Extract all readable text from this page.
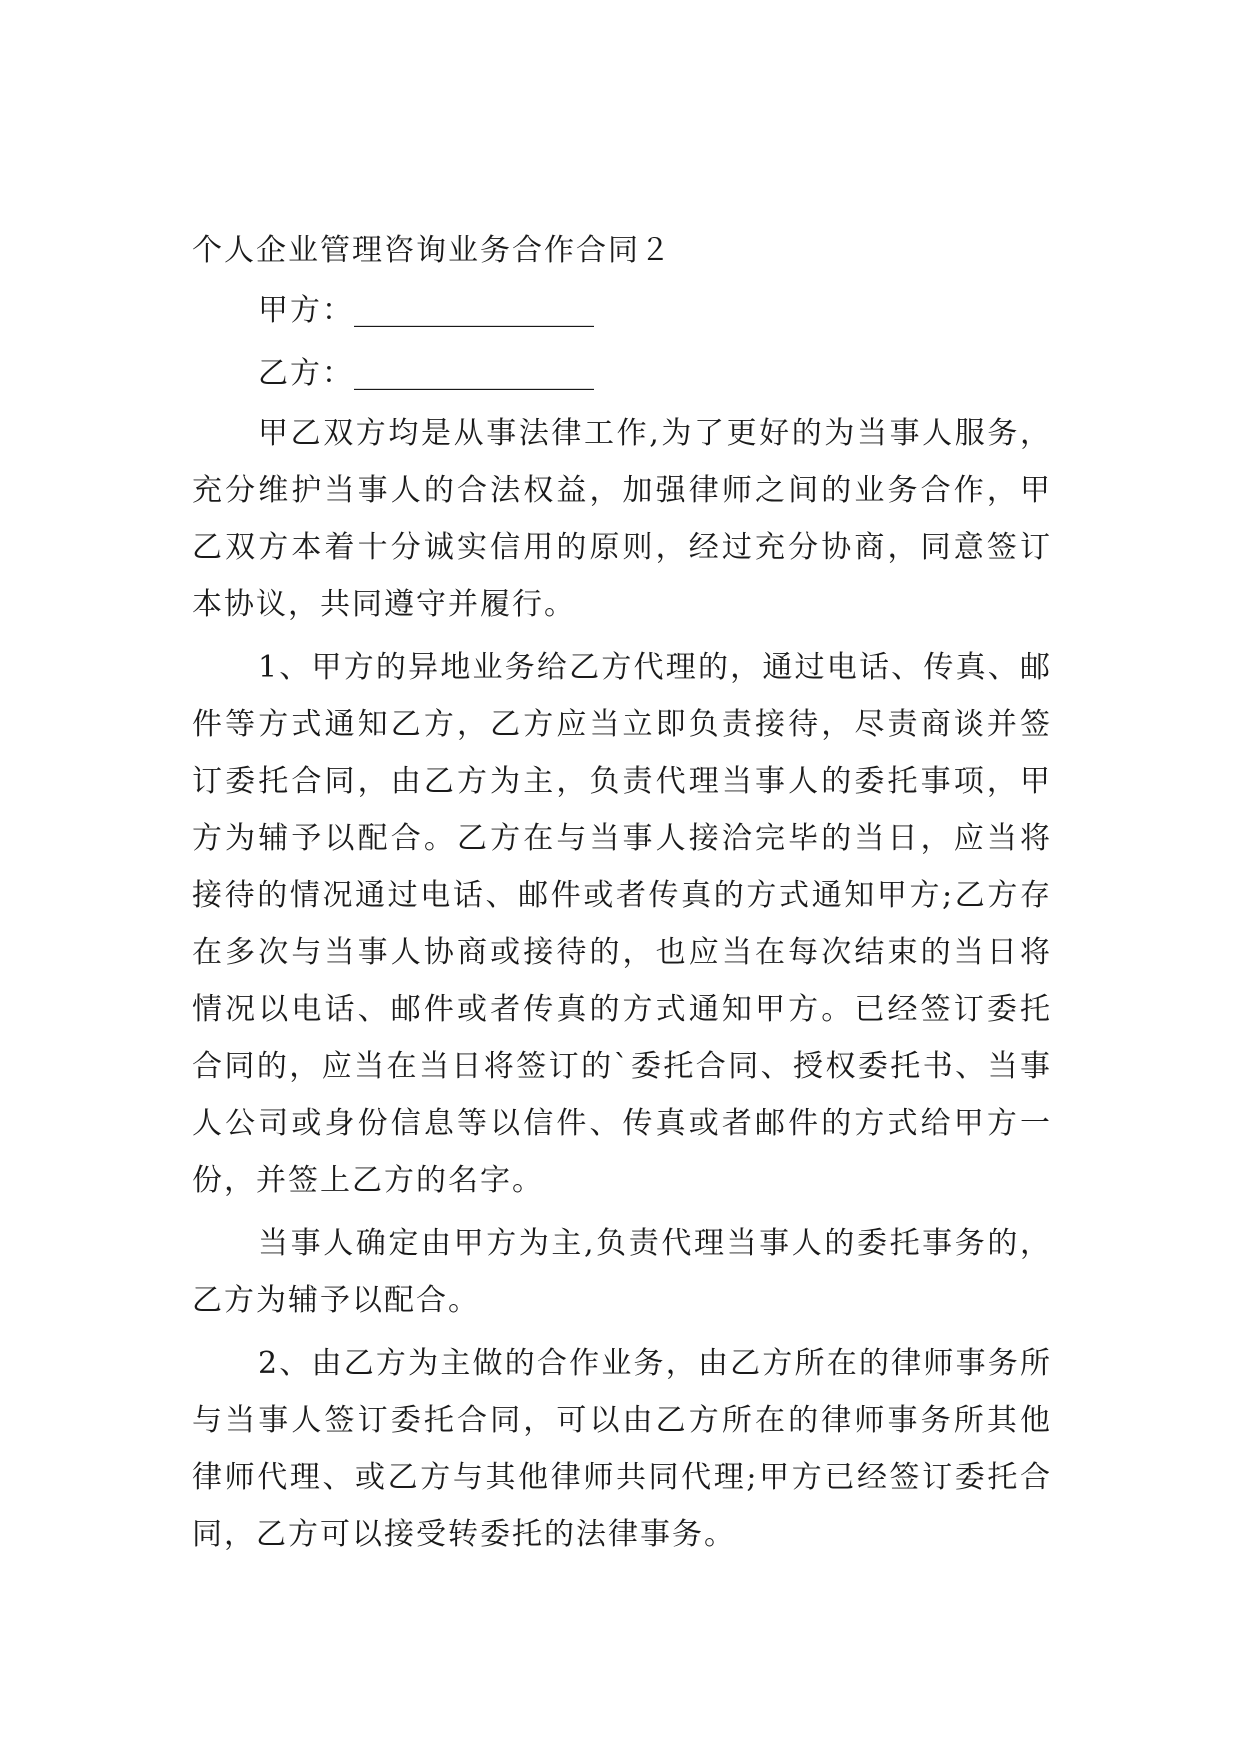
个人企业管理咨询业务合作合同２
甲方：________________
乙方：________________

甲乙双方均是从事法律工作,为了更好的为当事人服务，充分维护当事人的合法权益，加强律师之间的业务合作，甲乙双方本着十分诚实信用的原则，经过充分协商，同意签订本协议，共同遵守并履行。

1、甲方的异地业务给乙方代理的，通过电话、传真、邮件等方式通知乙方，乙方应当立即负责接待，尽责商谈并签订委托合同，由乙方为主，负责代理当事人的委托事项，甲方为辅予以配合。乙方在与当事人接洽完毕的当日，应当将接待的情况通过电话、邮件或者传真的方式通知甲方;乙方存在多次与当事人协商或接待的，也应当在每次结束的当日将情况以电话、邮件或者传真的方式通知甲方。已经签订委托合同的，应当在当日将签订的`委托合同、授权委托书、当事人公司或身份信息等以信件、传真或者邮件的方式给甲方一份，并签上乙方的名字。

当事人确定由甲方为主,负责代理当事人的委托事务的，乙方为辅予以配合。

2、由乙方为主做的合作业务，由乙方所在的律师事务所与当事人签订委托合同，可以由乙方所在的律师事务所其他律师代理、或乙方与其他律师共同代理;甲方已经签订委托合同，乙方可以接受转委托的法律事务。
